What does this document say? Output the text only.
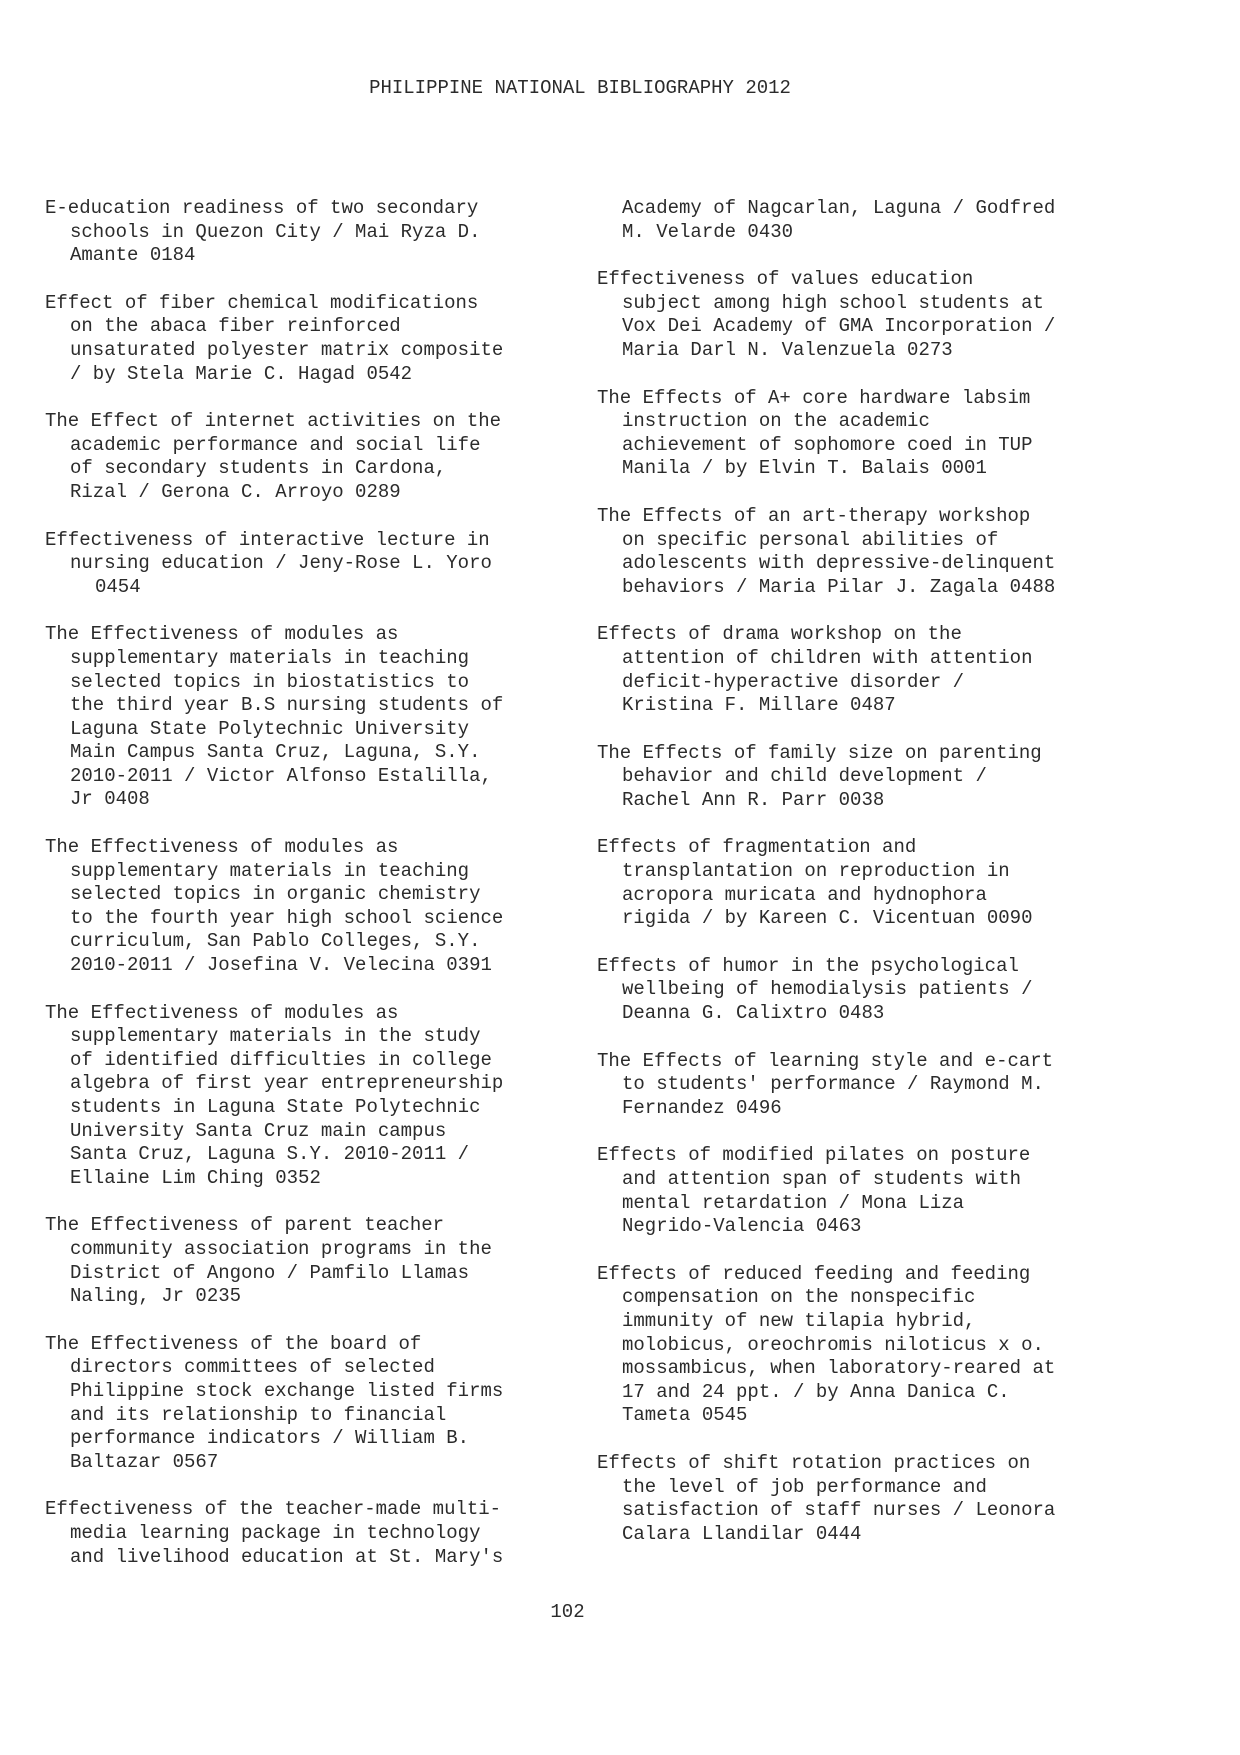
PHILIPPINE NATIONAL BIBLIOGRAPHY 2012
E-education readiness of two secondary
schools in Quezon City / Mai Ryza D.
Amante 0184
Effect of fiber chemical modifications
on the abaca fiber reinforced
unsaturated polyester matrix composite
/ by Stela Marie C. Hagad 0542
The Effect of internet activities on the
academic performance and social life
of secondary students in Cardona,
Rizal / Gerona C. Arroyo 0289
Effectiveness of interactive lecture in
nursing education / Jeny-Rose L. Yoro
0454
The Effectiveness of modules as
supplementary materials in teaching
selected topics in biostatistics to
the third year B.S nursing students of
Laguna State Polytechnic University
Main Campus Santa Cruz, Laguna, S.Y.
2010-2011 / Victor Alfonso Estalilla,
Jr 0408
The Effectiveness of modules as
supplementary materials in teaching
selected topics in organic chemistry
to the fourth year high school science
curriculum, San Pablo Colleges, S.Y.
2010-2011 / Josefina V. Velecina 0391
The Effectiveness of modules as
supplementary materials in the study
of identified difficulties in college
algebra of first year entrepreneurship
students in Laguna State Polytechnic
University Santa Cruz main campus
Santa Cruz, Laguna S.Y. 2010-2011 /
Ellaine Lim Ching 0352
The Effectiveness of parent teacher
community association programs in the
District of Angono / Pamfilo Llamas
Naling, Jr 0235
The Effectiveness of the board of
directors committees of selected
Philippine stock exchange listed firms
and its relationship to financial
performance indicators / William B.
Baltazar 0567
Effectiveness of the teacher-made multi-
media learning package in technology
and livelihood education at St. Mary's
Academy of Nagcarlan, Laguna / Godfred
M. Velarde 0430
Effectiveness of values education
subject among high school students at
Vox Dei Academy of GMA Incorporation /
Maria Darl N. Valenzuela 0273
The Effects of A+ core hardware labsim
instruction on the academic
achievement of sophomore coed in TUP
Manila / by Elvin T. Balais 0001
The Effects of an art-therapy workshop
on specific personal abilities of
adolescents with depressive-delinquent
behaviors / Maria Pilar J. Zagala 0488
Effects of drama workshop on the
attention of children with attention
deficit-hyperactive disorder /
Kristina F. Millare 0487
The Effects of family size on parenting
behavior and child development /
Rachel Ann R. Parr 0038
Effects of fragmentation and
transplantation on reproduction in
acropora muricata and hydnophora
rigida / by Kareen C. Vicentuan 0090
Effects of humor in the psychological
wellbeing of hemodialysis patients /
Deanna G. Calixtro 0483
The Effects of learning style and e-cart
to students' performance / Raymond M.
Fernandez 0496
Effects of modified pilates on posture
and attention span of students with
mental retardation / Mona Liza
Negrido-Valencia 0463
Effects of reduced feeding and feeding
compensation on the nonspecific
immunity of new tilapia hybrid,
molobicus, oreochromis niloticus x o.
mossambicus, when laboratory-reared at
17 and 24 ppt. / by Anna Danica C.
Tameta 0545
Effects of shift rotation practices on
the level of job performance and
satisfaction of staff nurses / Leonora
Calara Llandilar 0444
102
